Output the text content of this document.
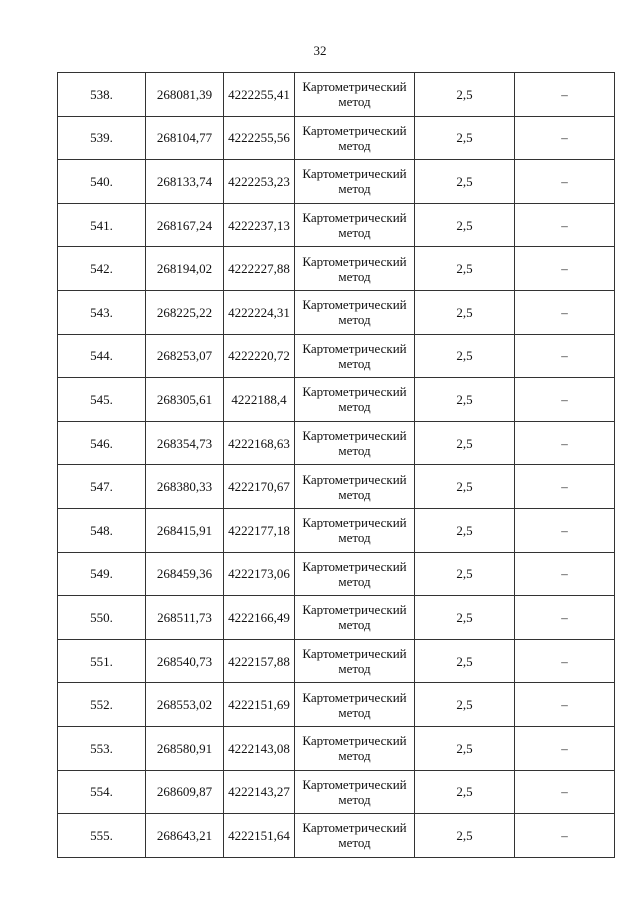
32
538.	268081,39	4222255,41	Картометрический
метод	2,5	–
539.	268104,77	4222255,56	Картометрический
метод	2,5	–
540.	268133,74	4222253,23	Картометрический
метод	2,5	–
541.	268167,24	4222237,13	Картометрический
метод	2,5	–
542.	268194,02	4222227,88	Картометрический
метод	2,5	–
543.	268225,22	4222224,31	Картометрический
метод	2,5	–
544.	268253,07	4222220,72	Картометрический
метод	2,5	–
545.	268305,61	4222188,4	Картометрический
метод	2,5	–
546.	268354,73	4222168,63	Картометрический
метод	2,5	–
547.	268380,33	4222170,67	Картометрический
метод	2,5	–
548.	268415,91	4222177,18	Картометрический
метод	2,5	–
549.	268459,36	4222173,06	Картометрический
метод	2,5	–
550.	268511,73	4222166,49	Картометрический
метод	2,5	–
551.	268540,73	4222157,88	Картометрический
метод	2,5	–
552.	268553,02	4222151,69	Картометрический
метод	2,5	–
553.	268580,91	4222143,08	Картометрический
метод	2,5	–
554.	268609,87	4222143,27	Картометрический
метод	2,5	–
555.	268643,21	4222151,64	Картометрический
метод	2,5	–
